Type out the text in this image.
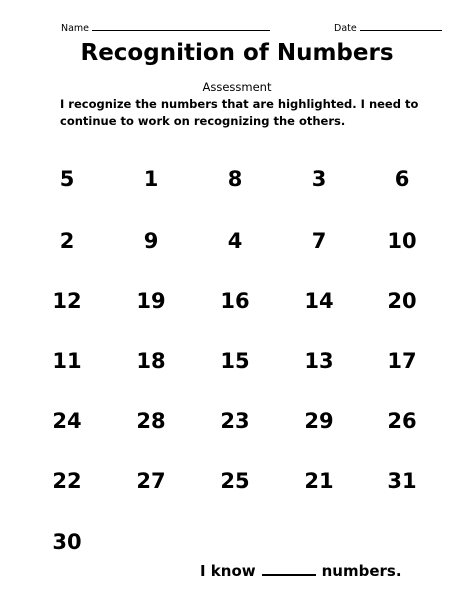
Name	Date
Recognition of Numbers
Assessment

I recognize the numbers that are highlighted. I need to continue to work on recognizing the others.

5	1	8	3	6
2	9	4	7	10
12	19	16	14	20
11	18	15	13	17
24	28	23	29	26
22	27	25	21	31
30
I know	numbers.
